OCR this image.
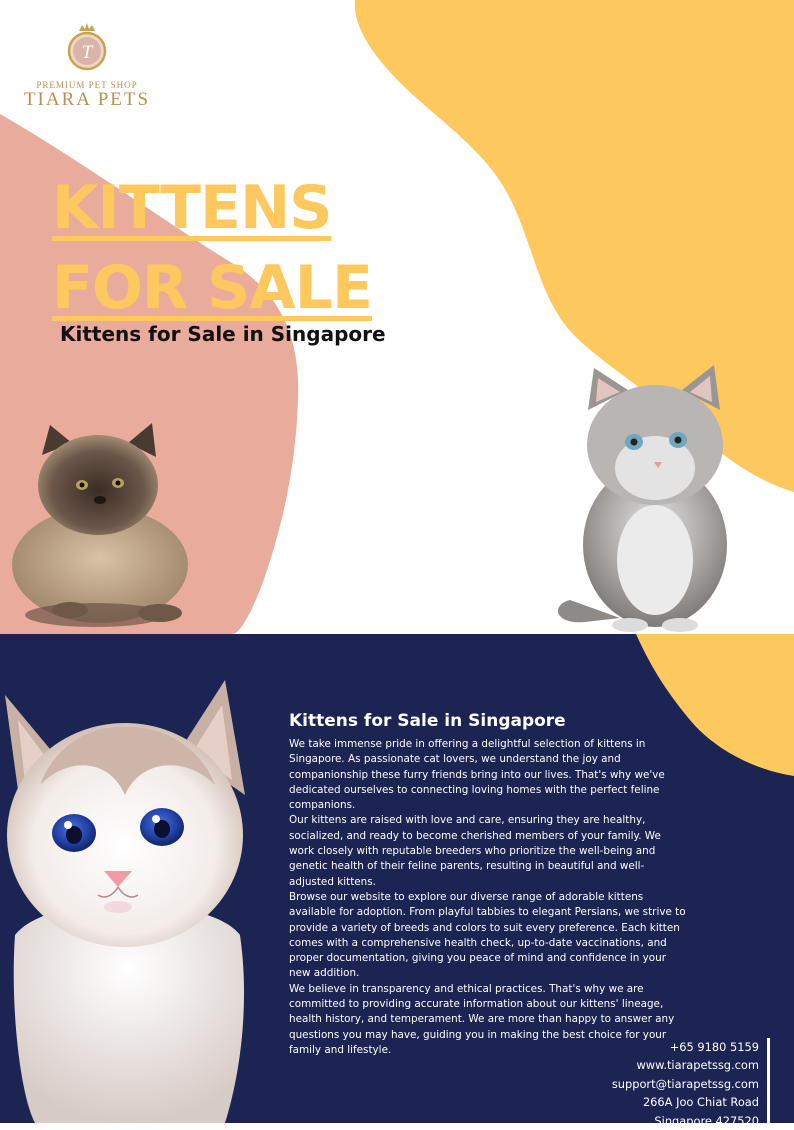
T
PREMIUM PET SHOP
TIARA PETS
KITTENS
FOR SALE
Kittens for Sale in Singapore
Kittens for Sale in Singapore

We take immense pride in offering a delightful selection of kittens in Singapore. As passionate cat lovers, we understand the joy and companionship these furry friends bring into our lives. That's why we've dedicated ourselves to connecting loving homes with the perfect feline companions.

Our kittens are raised with love and care, ensuring they are healthy, socialized, and ready to become cherished members of your family. We work closely with reputable breeders who prioritize the well-being and genetic health of their feline parents, resulting in beautiful and well-adjusted kittens.

Browse our website to explore our diverse range of adorable kittens available for adoption. From playful tabbies to elegant Persians, we strive to provide a variety of breeds and colors to suit every preference. Each kitten comes with a comprehensive health check, up-to-date vaccinations, and proper documentation, giving you peace of mind and confidence in your new addition.

We believe in transparency and ethical practices. That's why we are committed to providing accurate information about our kittens' lineage, health history, and temperament. We are more than happy to answer any questions you may have, guiding you in making the best choice for your family and lifestyle.	+65 9180 5159
www.tiarapetssg.com
support@tiarapetssg.com
266A Joo Chiat Road
Singapore 427520
